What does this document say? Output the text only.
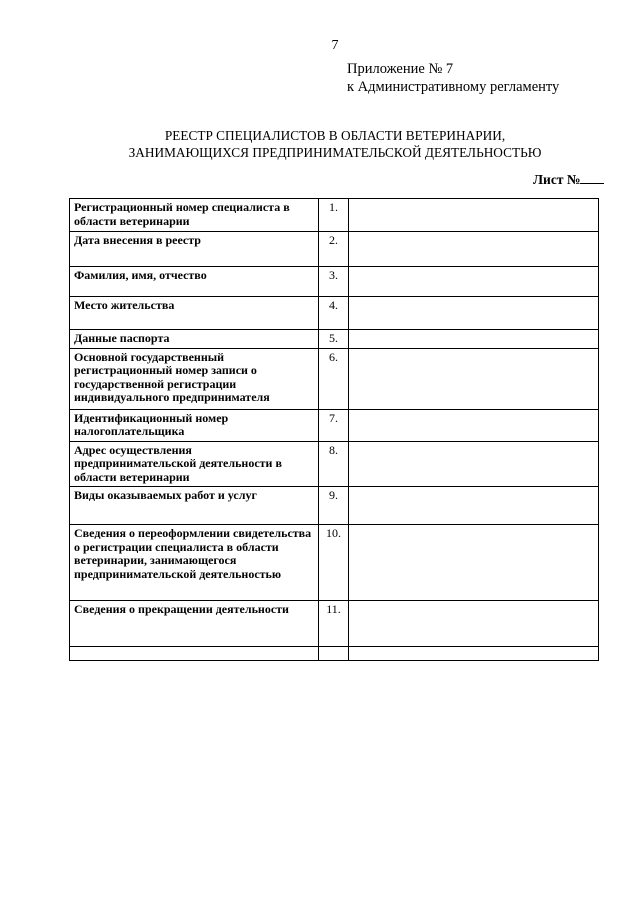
7
Приложение № 7
к Административному регламенту
РЕЕСТР СПЕЦИАЛИСТОВ В ОБЛАСТИ ВЕТЕРИНАРИИ,
ЗАНИМАЮЩИХСЯ ПРЕДПРИНИМАТЕЛЬСКОЙ ДЕЯТЕЛЬНОСТЬЮ
Лист №
Регистрационный номер специалиста в области ветеринарии	1.	
Дата внесения в реестр	2.	
Фамилия, имя, отчество	3.	
Место жительства	4.	
Данные паспорта	5.	
Основной государственный регистрационный номер записи о государственной регистрации индивидуального предпринимателя	6.	
Идентификационный номер налогоплательщика	7.	
Адрес осуществления предпринимательской деятельности в области ветеринарии	8.	
Виды оказываемых работ и услуг	9.	
Сведения о переоформлении свидетельства о регистрации специалиста в области ветеринарии, занимающегося предпринимательской деятельностью	10.	
Сведения о прекращении деятельности	11.	
